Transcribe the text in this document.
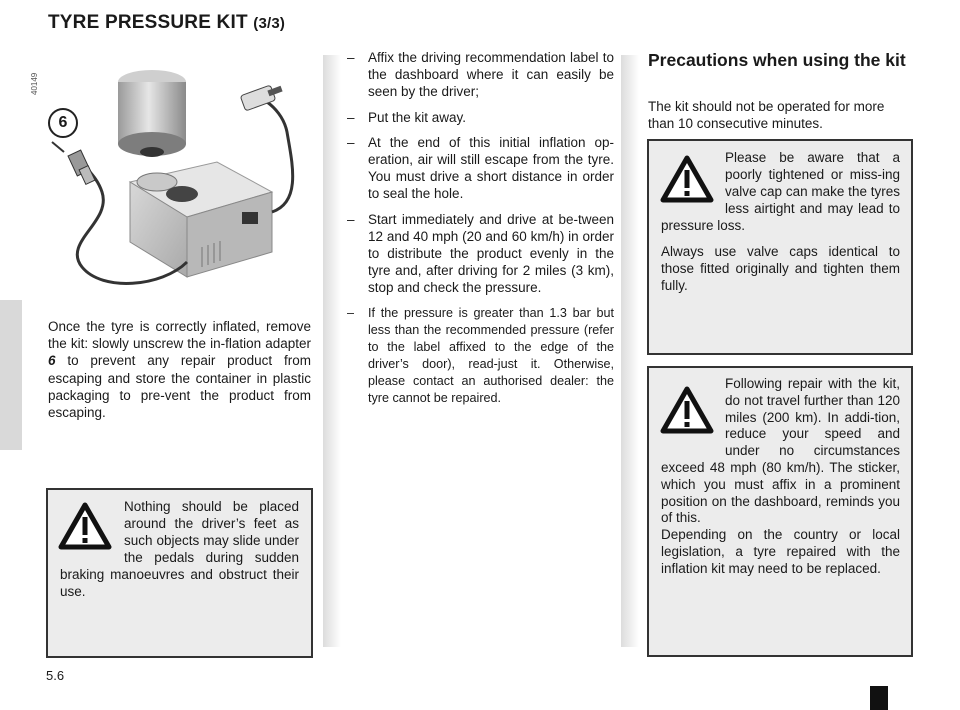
TYRE PRESSURE KIT (3/3)
40149
6
Once the tyre is correctly inflated, remove the kit: slowly unscrew the in-flation adapter 6 to prevent any repair product from escaping and store the container in plastic packaging to pre-vent the product from escaping.
Nothing should be placed around the driver’s feet as such objects may slide under the pedals during sudden braking manoeuvres and obstruct their use.
– Affix the driving recommendation label to the dashboard where it can easily be seen by the driver;
– Put the kit away.
– At the end of this initial inflation op-eration, air will still escape from the tyre. You must drive a short distance in order to seal the hole.
– Start immediately and drive at be-tween 12 and 40 mph (20 and 60 km/h) in order to distribute the product evenly in the tyre and, after driving for 2 miles (3 km), stop and check the pressure.
– If the pressure is greater than 1.3 bar but less than the recommended pressure (refer to the label affixed to the edge of the driver’s door), read-just it. Otherwise, please contact an authorised dealer: the tyre cannot be repaired.
Precautions when using the kit
The kit should not be operated for more than 10 consecutive minutes.

Please be aware that a poorly tightened or miss-ing valve cap can make the tyres less airtight and may lead to pressure loss.

Always use valve caps identical to those fitted originally and tighten them fully.

Following repair with the kit, do not travel further than 120 miles (200 km). In addi-tion, reduce your speed and under no circumstances exceed 48 mph (80 km/h). The sticker, which you must affix in a prominent position on the dashboard, reminds you of this.

Depending on the country or local legislation, a tyre repaired with the inflation kit may need to be replaced.

5.6
